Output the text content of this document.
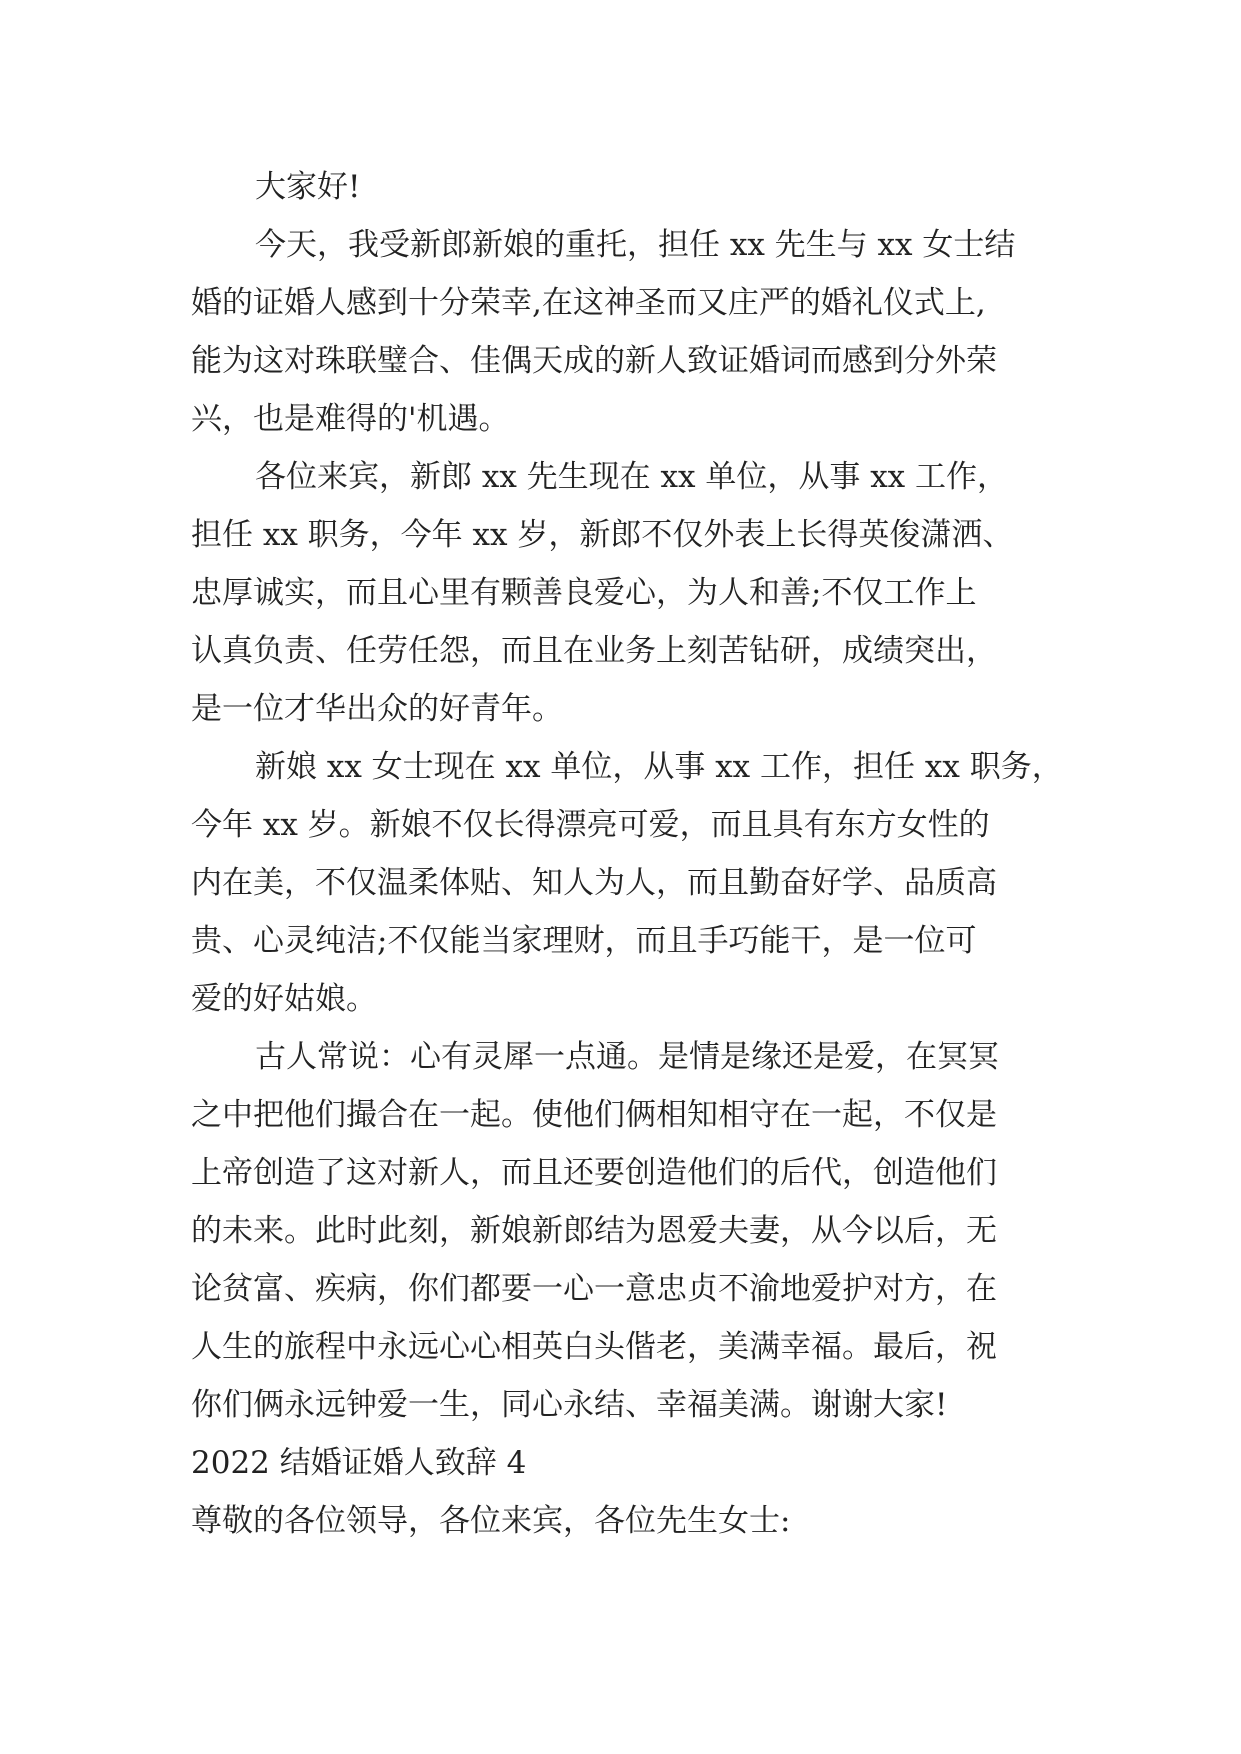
大家好!

今天，我受新郎新娘的重托，担任 xx 先生与 xx 女士结

婚的证婚人感到十分荣幸,在这神圣而又庄严的婚礼仪式上,

能为这对珠联璧合、佳偶天成的新人致证婚词而感到分外荣

兴，也是难得的'机遇。

各位来宾，新郎 xx 先生现在 xx 单位，从事 xx 工作，

担任 xx 职务，今年 xx 岁，新郎不仅外表上长得英俊潇洒、

忠厚诚实，而且心里有颗善良爱心，为人和善;不仅工作上

认真负责、任劳任怨，而且在业务上刻苦钻研，成绩突出，

是一位才华出众的好青年。

新娘 xx 女士现在 xx 单位，从事 xx 工作，担任 xx 职务，

今年 xx 岁。新娘不仅长得漂亮可爱，而且具有东方女性的

内在美，不仅温柔体贴、知人为人，而且勤奋好学、品质高

贵、心灵纯洁;不仅能当家理财，而且手巧能干，是一位可

爱的好姑娘。

古人常说：心有灵犀一点通。是情是缘还是爱，在冥冥

之中把他们撮合在一起。使他们俩相知相守在一起，不仅是

上帝创造了这对新人，而且还要创造他们的后代，创造他们

的未来。此时此刻，新娘新郎结为恩爱夫妻，从今以后，无

论贫富、疾病，你们都要一心一意忠贞不渝地爱护对方，在

人生的旅程中永远心心相英白头偕老，美满幸福。最后，祝

你们俩永远钟爱一生，同心永结、幸福美满。谢谢大家!

2022 结婚证婚人致辞 4

尊敬的各位领导，各位来宾，各位先生女士:
